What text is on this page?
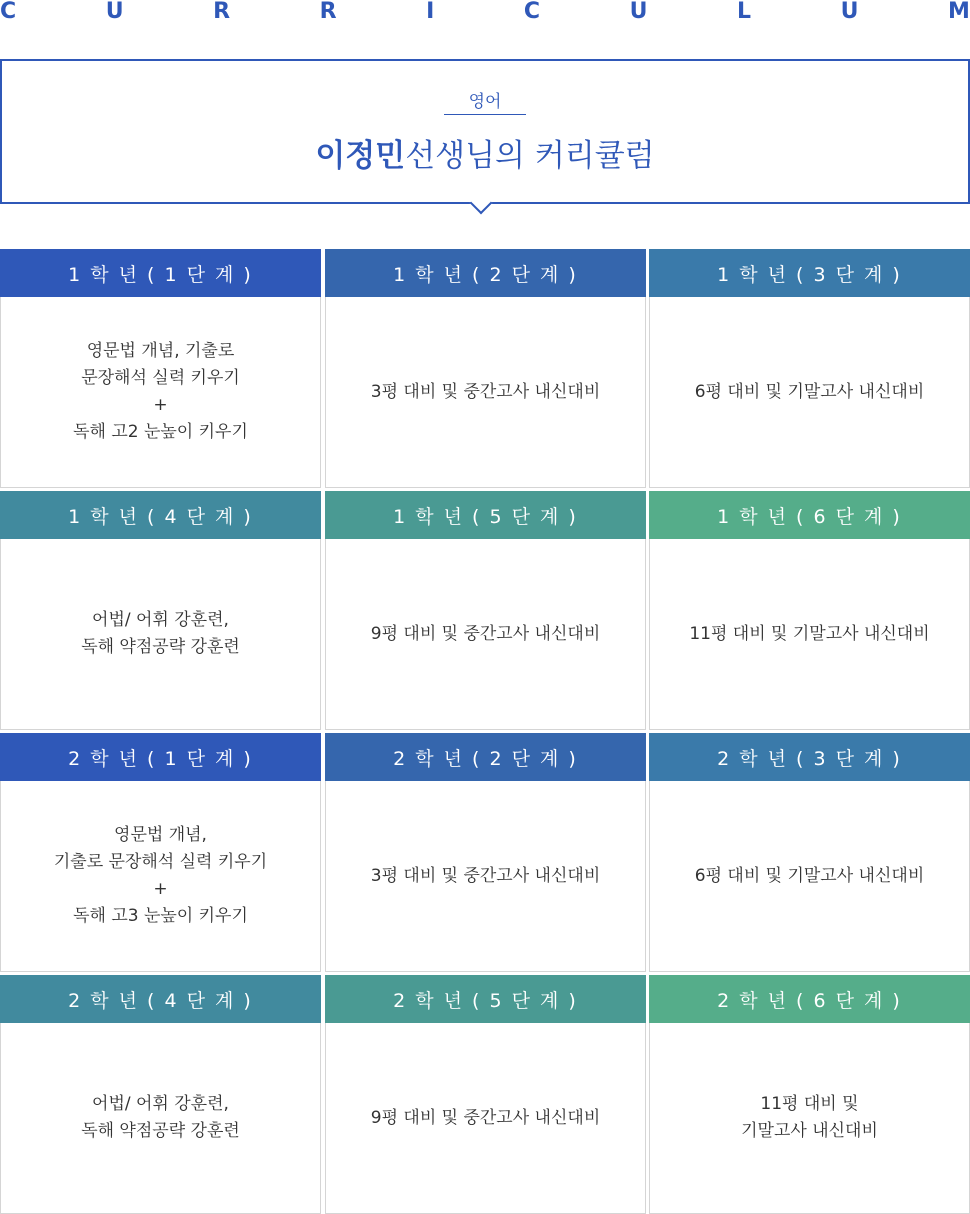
C	U	R	R	I	C	U	L	U	M
영어
이정민선생님의 커리큘럼
1 학 년 ( 1 단 계 )
영문법 개념, 기출로
문장해석 실력 키우기
+
독해 고2 눈높이 키우기
1 학 년 ( 2 단 계 )
3평 대비 및 중간고사 내신대비
1 학 년 ( 3 단 계 )
6평 대비 및 기말고사 내신대비
1 학 년 ( 4 단 계 )
어법/ 어휘 강훈련,
독해 약점공략 강훈련
1 학 년 ( 5 단 계 )
9평 대비 및 중간고사 내신대비
1 학 년 ( 6 단 계 )
11평 대비 및 기말고사 내신대비
2 학 년 ( 1 단 계 )
영문법 개념,
기출로 문장해석 실력 키우기
+
독해 고3 눈높이 키우기
2 학 년 ( 2 단 계 )
3평 대비 및 중간고사 내신대비
2 학 년 ( 3 단 계 )
6평 대비 및 기말고사 내신대비
2 학 년 ( 4 단 계 )
어법/ 어휘 강훈련,
독해 약점공략 강훈련
2 학 년 ( 5 단 계 )
9평 대비 및 중간고사 내신대비
2 학 년 ( 6 단 계 )
11평 대비 및
기말고사 내신대비
